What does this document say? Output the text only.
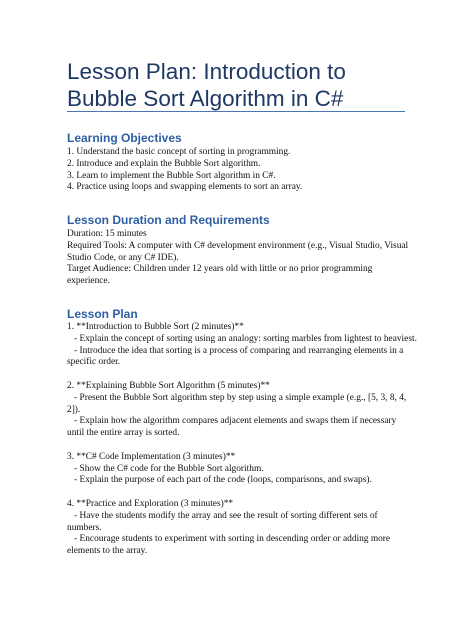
Lesson Plan: Introduction to Bubble Sort Algorithm in C#
Learning Objectives
1. Understand the basic concept of sorting in programming.
2. Introduce and explain the Bubble Sort algorithm.
3. Learn to implement the Bubble Sort algorithm in C#.
4. Practice using loops and swapping elements to sort an array.
Lesson Duration and Requirements
Duration: 15 minutes
Required Tools: A computer with C# development environment (e.g., Visual Studio, Visual
Studio Code, or any C# IDE).
Target Audience: Children under 12 years old with little or no prior programming
experience.
Lesson Plan
1. **Introduction to Bubble Sort (2 minutes)**
- Explain the concept of sorting using an analogy: sorting marbles from lightest to heaviest.
- Introduce the idea that sorting is a process of comparing and rearranging elements in a
specific order.
2. **Explaining Bubble Sort Algorithm (5 minutes)**
- Present the Bubble Sort algorithm step by step using a simple example (e.g., [5, 3, 8, 4,
2]).
- Explain how the algorithm compares adjacent elements and swaps them if necessary
until the entire array is sorted.
3. **C# Code Implementation (3 minutes)**
- Show the C# code for the Bubble Sort algorithm.
- Explain the purpose of each part of the code (loops, comparisons, and swaps).
4. **Practice and Exploration (3 minutes)**
- Have the students modify the array and see the result of sorting different sets of
numbers.
- Encourage students to experiment with sorting in descending order or adding more
elements to the array.
